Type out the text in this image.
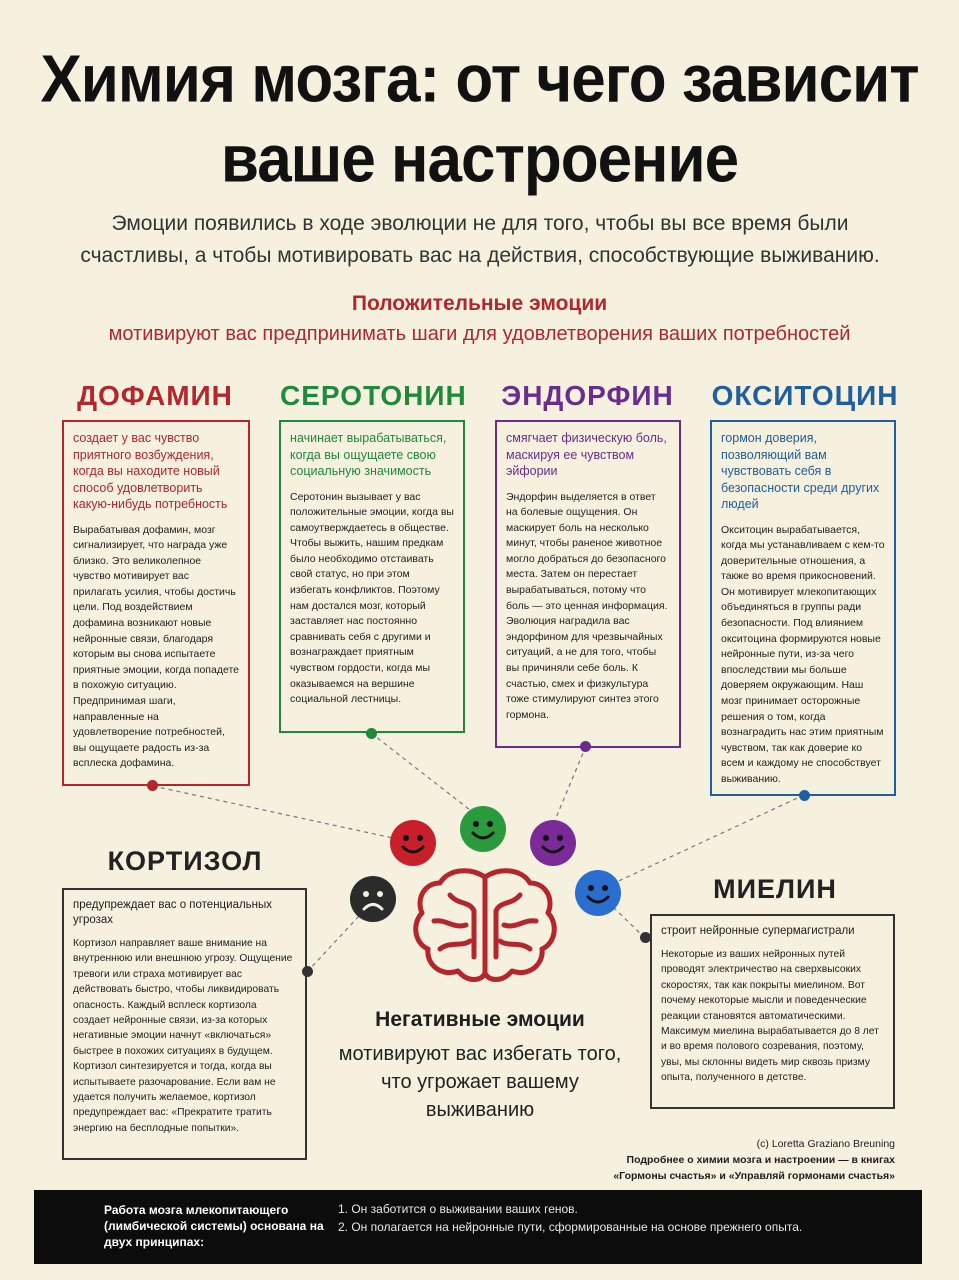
Химия мозга: от чего зависит
ваше настроение
Эмоции появились в ходе эволюции не для того, чтобы вы все время были
счастливы, а чтобы мотивировать вас на действия, способствующие выживанию.
Положительные эмоции
мотивируют вас предпринимать шаги для удовлетворения ваших потребностей
ДОФАМИН СЕРОТОНИН ЭНДОРФИН ОКСИТОЦИН
создает у вас чувство приятного возбуждения, когда вы находите новый способ удовлетворить какую-нибудь потребность
Вырабатывая дофамин, мозг сигнализирует, что награда уже близко. Это великолепное чувство мотивирует вас прилагать усилия, чтобы достичь цели. Под воздействием дофамина возникают новые нейронные связи, благодаря которым вы снова испытаете приятные эмоции, когда попадете в похожую ситуацию. Предпринимая шаги, направленные на удовлетворение потребностей, вы ощущаете радость из-за всплеска дофамина.
начинает вырабатываться, когда вы ощущаете свою социальную значимость
Серотонин вызывает у вас положительные эмоции, когда вы самоутверждаетесь в обществе. Чтобы выжить, нашим предкам было необходимо отстаивать свой статус, но при этом избегать конфликтов. Поэтому нам достался мозг, который заставляет нас постоянно сравнивать себя с другими и вознаграждает приятным чувством гордости, когда мы оказываемся на вершине социальной лестницы.
смягчает физическую боль, маскируя ее чувством эйфории
Эндорфин выделяется в ответ на болевые ощущения. Он маскирует боль на несколько минут, чтобы раненое животное могло добраться до безопасного места. Затем он перестает вырабатываться, потому что боль — это ценная информация. Эволюция наградила вас эндорфином для чрезвычайных ситуаций, а не для того, чтобы вы причиняли себе боль. К счастью, смех и физкультура тоже стимулируют синтез этого гормона.
гормон доверия, позволяющий вам чувствовать себя в безопасности среди других людей
Окситоцин вырабатывается, когда мы устанавливаем с кем-то доверительные отношения, а также во время прикосновений. Он мотивирует млекопитающих объединяться в группы ради безопасности. Под влиянием окситоцина формируются новые нейронные пути, из-за чего впоследствии мы больше доверяем окружающим. Наш мозг принимает осторожные решения о том, когда вознаградить нас этим приятным чувством, так как доверие ко всем и каждому не способствует выживанию.
КОРТИЗОЛ
предупреждает вас о потенциальных угрозах
Кортизол направляет ваше внимание на внутреннюю или внешнюю угрозу. Ощущение тревоги или страха мотивирует вас действовать быстро, чтобы ликвидировать опасность. Каждый всплеск кортизола создает нейронные связи, из-за которых негативные эмоции начнут «включаться» быстрее в похожих ситуациях в будущем. Кортизол синтезируется и тогда, когда вы испытываете разочарование. Если вам не удается получить желаемое, кортизол предупреждает вас: «Прекратите тратить энергию на бесплодные попытки».
МИЕЛИН
строит нейронные супермагистрали
Некоторые из ваших нейронных путей проводят электричество на сверхвысоких скоростях, так как покрыты миелином. Вот почему некоторые мысли и поведенческие реакции становятся автоматическими. Максимум миелина вырабатывается до 8 лет и во время полового созревания, поэтому, увы, мы склонны видеть мир сквозь призму опыта, полученного в детстве.
Негативные эмоции
мотивируют вас избегать того, что угрожает вашему выживанию
(с) Loretta Graziano Breuning
Подробнее о химии мозга и настроении — в книгах
«Гормоны счастья» и «Управляй гормонами счастья»
Работа мозга млекопитающего (лимбической системы) основана на двух принципах:
1. Он заботится о выживании ваших генов.
2. Он полагается на нейронные пути, сформированные на основе прежнего опыта.
